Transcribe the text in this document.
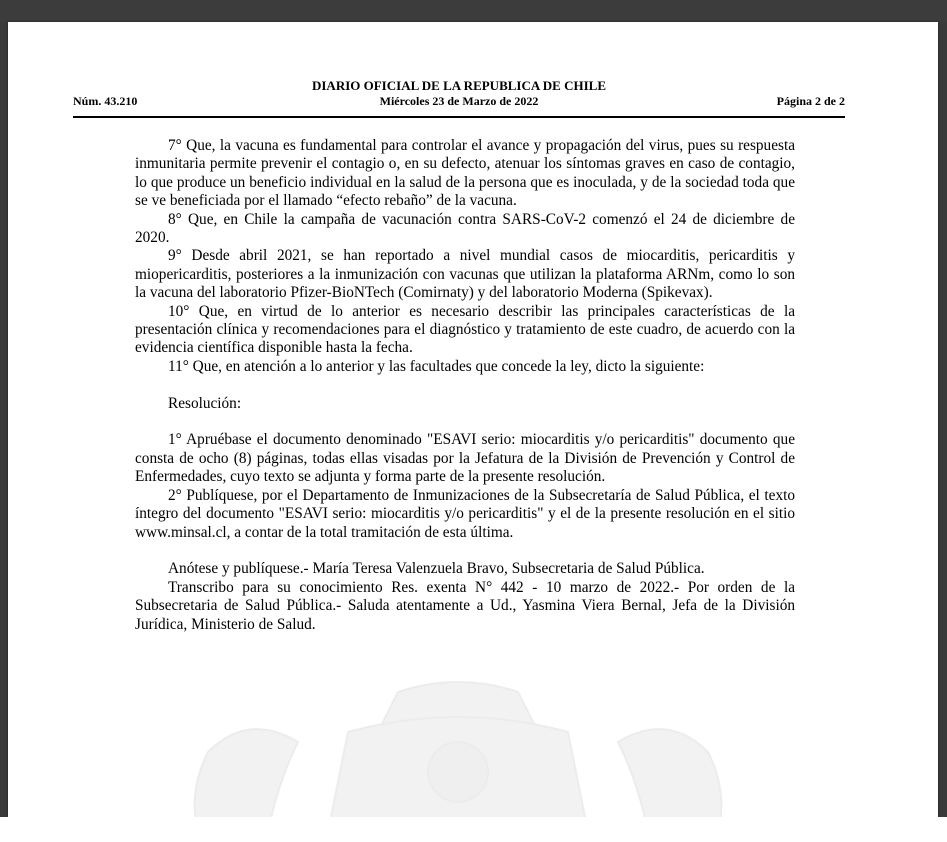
DIARIO OFICIAL DE LA REPUBLICA DE CHILE
Núm. 43.210	Miércoles 23 de Marzo de 2022	Página 2 de 2

7° Que, la vacuna es fundamental para controlar el avance y propagación del virus, pues su respuesta inmunitaria permite prevenir el contagio o, en su defecto, atenuar los síntomas graves en caso de contagio, lo que produce un beneficio individual en la salud de la persona que es inoculada, y de la sociedad toda que se ve beneficiada por el llamado “efecto rebaño” de la vacuna.

8° Que, en Chile la campaña de vacunación contra SARS-CoV-2 comenzó el 24 de diciembre de 2020.

9° Desde abril 2021, se han reportado a nivel mundial casos de miocarditis, pericarditis y miopericarditis, posteriores a la inmunización con vacunas que utilizan la plataforma ARNm, como lo son la vacuna del laboratorio Pfizer-BioNTech (Comirnaty) y del laboratorio Moderna (Spikevax).

10° Que, en virtud de lo anterior es necesario describir las principales características de la presentación clínica y recomendaciones para el diagnóstico y tratamiento de este cuadro, de acuerdo con la evidencia científica disponible hasta la fecha.

11° Que, en atención a lo anterior y las facultades que concede la ley, dicto la siguiente:

Resolución:

1° Apruébase el documento denominado "ESAVI serio: miocarditis y/o pericarditis" documento que consta de ocho (8) páginas, todas ellas visadas por la Jefatura de la División de Prevención y Control de Enfermedades, cuyo texto se adjunta y forma parte de la presente resolución.

2° Publíquese, por el Departamento de Inmunizaciones de la Subsecretaría de Salud Pública, el texto íntegro del documento "ESAVI serio: miocarditis y/o pericarditis" y el de la presente resolución en el sitio www.minsal.cl, a contar de la total tramitación de esta última.

Anótese y publíquese.- María Teresa Valenzuela Bravo, Subsecretaria de Salud Pública.

Transcribo para su conocimiento Res. exenta N° 442 - 10 marzo de 2022.- Por orden de la Subsecretaria de Salud Pública.- Saluda atentamente a Ud., Yasmina Viera Bernal, Jefa de la División Jurídica, Ministerio de Salud.
